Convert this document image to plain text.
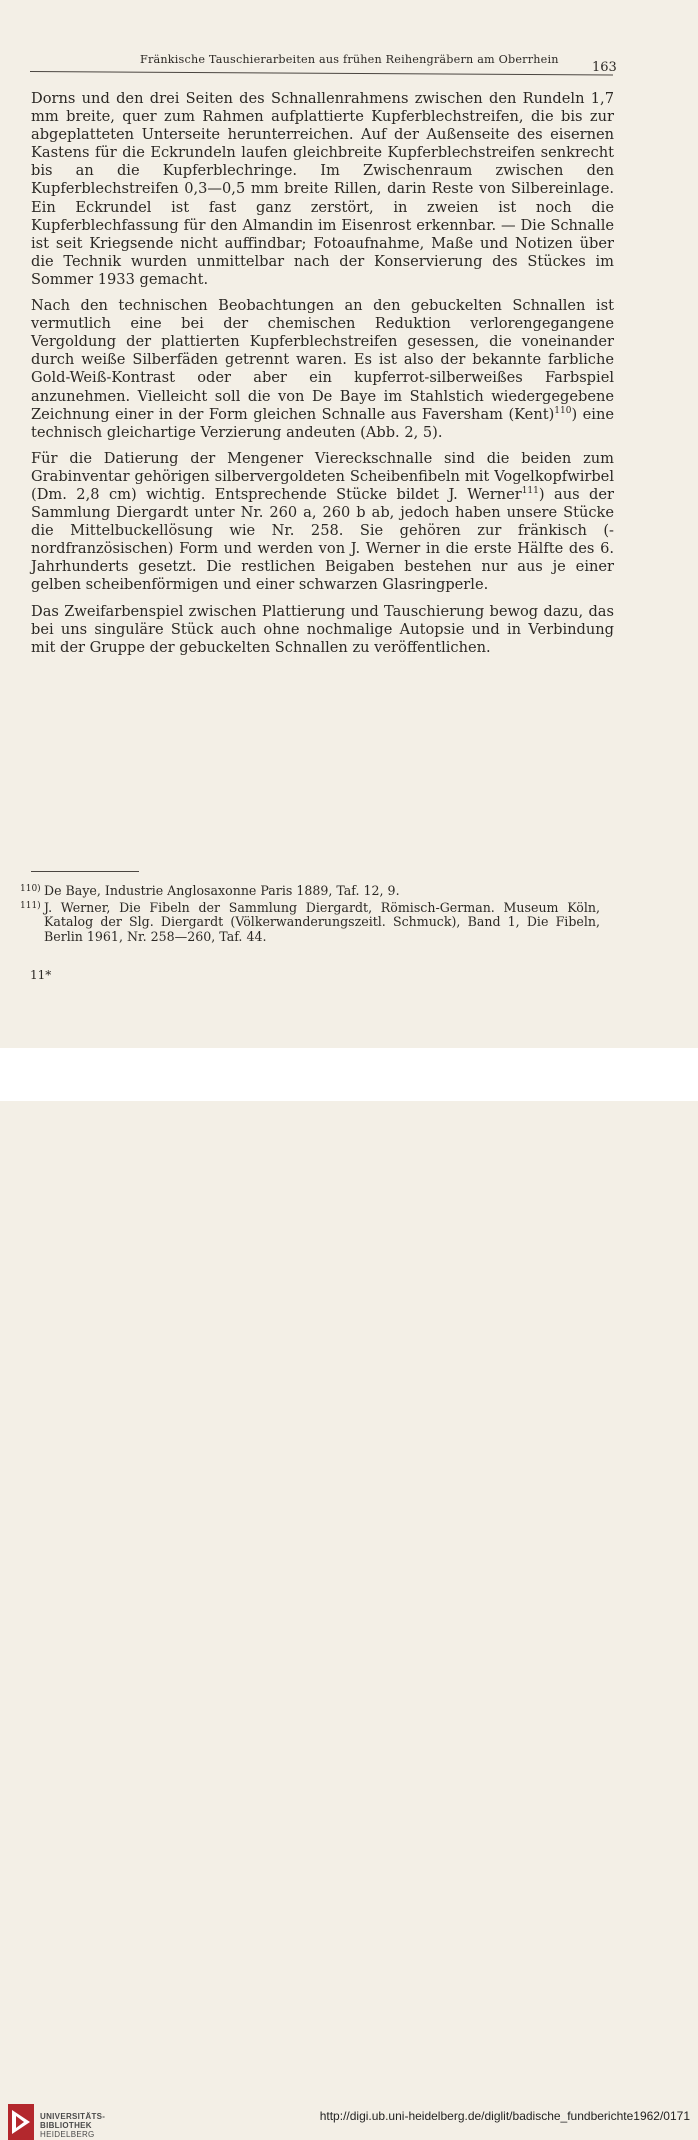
Fränkische Tauschierarbeiten aus frühen Reihengräbern am Oberrhein
163

Dorns und den drei Seiten des Schnallenrahmens zwischen den Rundeln 1,7 mm breite, quer zum Rahmen aufplattierte Kupferblechstreifen, die bis zur abgeplatteten Unterseite herunterreichen. Auf der Außenseite des eisernen Kastens für die Eckrundeln laufen gleichbreite Kupferblechstreifen senkrecht bis an die Kupferblechringe. Im Zwischenraum zwischen den Kupferblechstreifen 0,3—0,5 mm breite Rillen, darin Reste von Silbereinlage. Ein Eckrundel ist fast ganz zerstört, in zweien ist noch die Kupferblechfassung für den Almandin im Eisenrost erkennbar. — Die Schnalle ist seit Kriegsende nicht auffindbar; Fotoaufnahme, Maße und Notizen über die Technik wurden unmittelbar nach der Konservierung des Stückes im Sommer 1933 gemacht.

Nach den technischen Beobachtungen an den gebuckelten Schnallen ist vermutlich eine bei der chemischen Reduktion verlorengegangene Vergoldung der plattierten Kupferblechstreifen gesessen, die voneinander durch weiße Silberfäden getrennt waren. Es ist also der bekannte farbliche Gold-Weiß-Kontrast oder aber ein kupferrot-silberweißes Farbspiel anzunehmen. Vielleicht soll die von De Baye im Stahlstich wiedergegebene Zeichnung einer in der Form gleichen Schnalle aus Faversham (Kent)$^{110}$) eine technisch gleichartige Verzierung andeuten (Abb. 2, 5).

Für die Datierung der Mengener Viereckschnalle sind die beiden zum Grabinventar gehörigen silbervergoldeten Scheibenfibeln mit Vogelkopfwirbel (Dm. 2,8 cm) wichtig. Entsprechende Stücke bildet J. Werner$^{111}$) aus der Sammlung Diergardt unter Nr. 260 a, 260 b ab, jedoch haben unsere Stücke die Mittelbuckellösung wie Nr. 258. Sie gehören zur fränkisch (-nordfranzösischen) Form und werden von J. Werner in die erste Hälfte des 6. Jahrhunderts gesetzt. Die restlichen Beigaben bestehen nur aus je einer gelben scheibenförmigen und einer schwarzen Glasringperle.

Das Zweifarbenspiel zwischen Plattierung und Tauschierung bewog dazu, das bei uns singuläre Stück auch ohne nochmalige Autopsie und in Verbindung mit der Gruppe der gebuckelten Schnallen zu veröffentlichen.

110) De Baye, Industrie Anglosaxonne Paris 1889, Taf. 12, 9.
111) J. Werner, Die Fibeln der Sammlung Diergardt, Römisch-German. Museum Köln, Katalog der Slg. Diergardt (Völkerwanderungszeitl. Schmuck), Band 1, Die Fibeln, Berlin 1961, Nr. 258—260, Taf. 44.
11*
UNIVERSITÄTS-
BIBLIOTHEK
HEIDELBERG
http://digi.ub.uni-heidelberg.de/diglit/badische_fundberichte1962/0171
